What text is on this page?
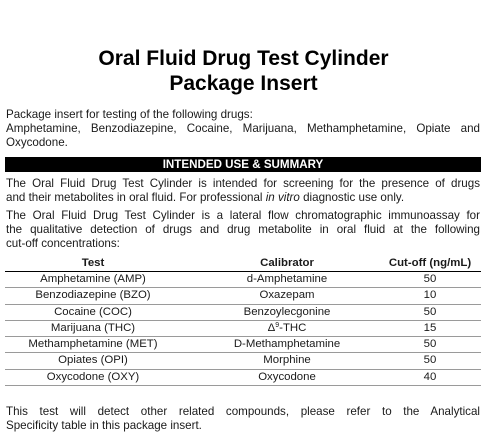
Oral Fluid Drug Test Cylinder
Package Insert
Package insert for testing of the following drugs:
Amphetamine, Benzodiazepine, Cocaine, Marijuana, Methamphetamine, Opiate and
Oxycodone.
INTENDED USE & SUMMARY
The Oral Fluid Drug Test Cylinder is intended for screening for the presence of drugs
and their metabolites in oral fluid. For professional in vitro diagnostic use only.
The Oral Fluid Drug Test Cylinder is a lateral flow chromatographic immunoassay for
the qualitative detection of drugs and drug metabolite in oral fluid at the following
cut-off concentrations:
Test	Calibrator	Cut-off (ng/mL)
Amphetamine (AMP)	d-Amphetamine	50
Benzodiazepine (BZO)	Oxazepam	10
Cocaine (COC)	Benzoylecgonine	50
Marijuana (THC)	$\Delta^9$-THC	15
Methamphetamine (MET)	D-Methamphetamine	50
Opiates (OPI)	Morphine	50
Oxycodone (OXY)	Oxycodone	40
This test will detect other related compounds, please refer to the Analytical
Specificity table in this package insert.
